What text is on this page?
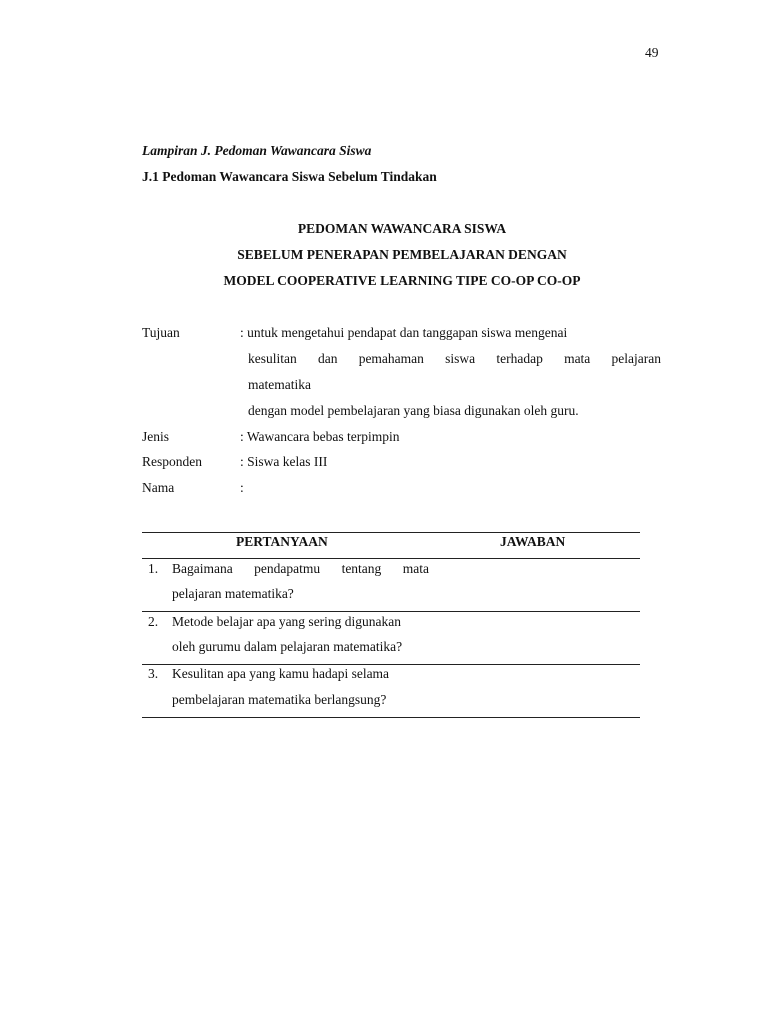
49
Lampiran J. Pedoman Wawancara Siswa
J.1 Pedoman Wawancara Siswa Sebelum Tindakan
PEDOMAN WAWANCARA SISWA
SEBELUM PENERAPAN PEMBELAJARAN DENGAN
MODEL COOPERATIVE LEARNING TIPE CO-OP CO-OP
Tujuan	: untuk mengetahui pendapat dan tanggapan siswa mengenai
kesulitan dan pemahaman siswa terhadap mata pelajaran
matematika
dengan model pembelajaran yang biasa digunakan oleh guru.
Jenis	: Wawancara bebas terpimpin
Responden	: Siswa kelas III
Nama	:
PERTANYAAN	JAWABAN
1. Bagaimana pendapatmu tentang mata
pelajaran matematika?
2. Metode belajar apa yang sering digunakan
oleh gurumu dalam pelajaran matematika?
3. Kesulitan apa yang kamu hadapi selama
pembelajaran matematika berlangsung?
